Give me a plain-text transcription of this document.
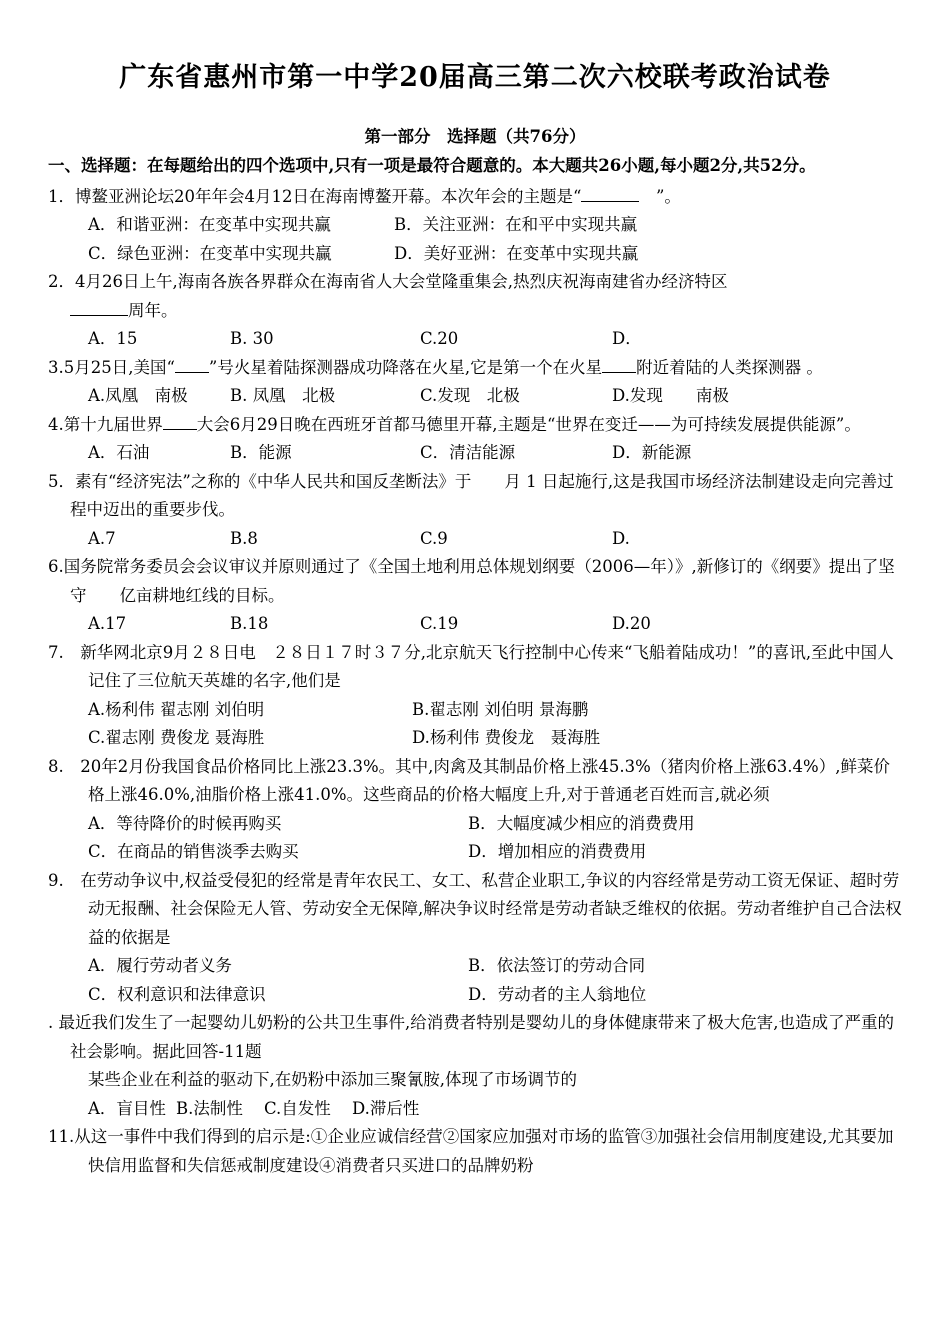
广东省惠州市第一中学20届高三第二次六校联考政治试卷
第一部分　选择题（共76分）
一、选择题：在每题给出的四个选项中,只有一项是最符合题意的。本大题共26小题,每小题2分,共52分。
1．博鳌亚洲论坛20年年会4月12日在海南博鳌开幕。本次年会的主题是“	　”。
A．和谐亚洲：在变革中实现共赢	B．关注亚洲：在和平中实现共赢
C．绿色亚洲：在变革中实现共赢	D．美好亚洲：在变革中实现共赢
2．4月26日上午,海南各族各界群众在海南省人大会堂隆重集会,热烈庆祝海南建省办经济特区
周年。
A．15	B. 30	C.20	D．
3.5月25日,美国“ ”号火星着陆探测器成功降落在火星,它是第一个在火星 附近着陆的人类探测器 。
A.凤凰　南极	B. 凤凰　北极	C.发现　北极	D.发现　　南极
4.第十九届世界 大会6月29日晚在西班牙首都马德里开幕,主题是“世界在变迁——为可持续发展提供能源”。
A．石油	B．能源	C．清洁能源	D．新能源
5．素有“经济宪法”之称的《中华人民共和国反垄断法》于　　月 1 日起施行,这是我国市场经济法制建设走向完善过程中迈出的重要步伐。
A.7	B.8	C.9	D.
6.国务院常务委员会会议审议并原则通过了《全国土地利用总体规划纲要（2006—年）》,新修订的《纲要》提出了坚守　　亿亩耕地红线的目标。
A.17	B.18	C.19	D.20
7.　新华网北京9月２８日电　２８日１７时３７分,北京航天飞行控制中心传来“飞船着陆成功！”的喜讯,至此中国人记住了三位航天英雄的名字,他们是
A.杨利伟 翟志刚 刘伯明	B.翟志刚 刘伯明 景海鹏
C.翟志刚 费俊龙 聂海胜	D.杨利伟 费俊龙　聂海胜
8.　20年2月份我国食品价格同比上涨23.3%。其中,肉禽及其制品价格上涨45.3%（猪肉价格上涨63.4%）,鲜菜价格上涨46.0%,油脂价格上涨41.0%。这些商品的价格大幅度上升,对于普通老百姓而言,就必须
A．等待降价的时候再购买	B．大幅度减少相应的消费费用
C．在商品的销售淡季去购买	D．增加相应的消费费用
9.　在劳动争议中,权益受侵犯的经常是青年农民工、女工、私营企业职工,争议的内容经常是劳动工资无保证、超时劳动无报酬、社会保险无人管、劳动安全无保障,解决争议时经常是劳动者缺乏维权的依据。劳动者维护自己合法权益的依据是
A．履行劳动者义务	B．依法签订的劳动合同
C．权利意识和法律意识	D．劳动者的主人翁地位
. 最近我们发生了一起婴幼儿奶粉的公共卫生事件,给消费者特别是婴幼儿的身体健康带来了极大危害,也造成了严重的社会影响。据此回答-11题
某些企业在利益的驱动下,在奶粉中添加三聚氰胺,体现了市场调节的
A．盲目性 B.法制性 C.自发性 D.滞后性
11.从这一事件中我们得到的启示是:①企业应诚信经营②国家应加强对市场的监管③加强社会信用制度建设,尤其要加快信用监督和失信惩戒制度建设④消费者只买进口的品牌奶粉
